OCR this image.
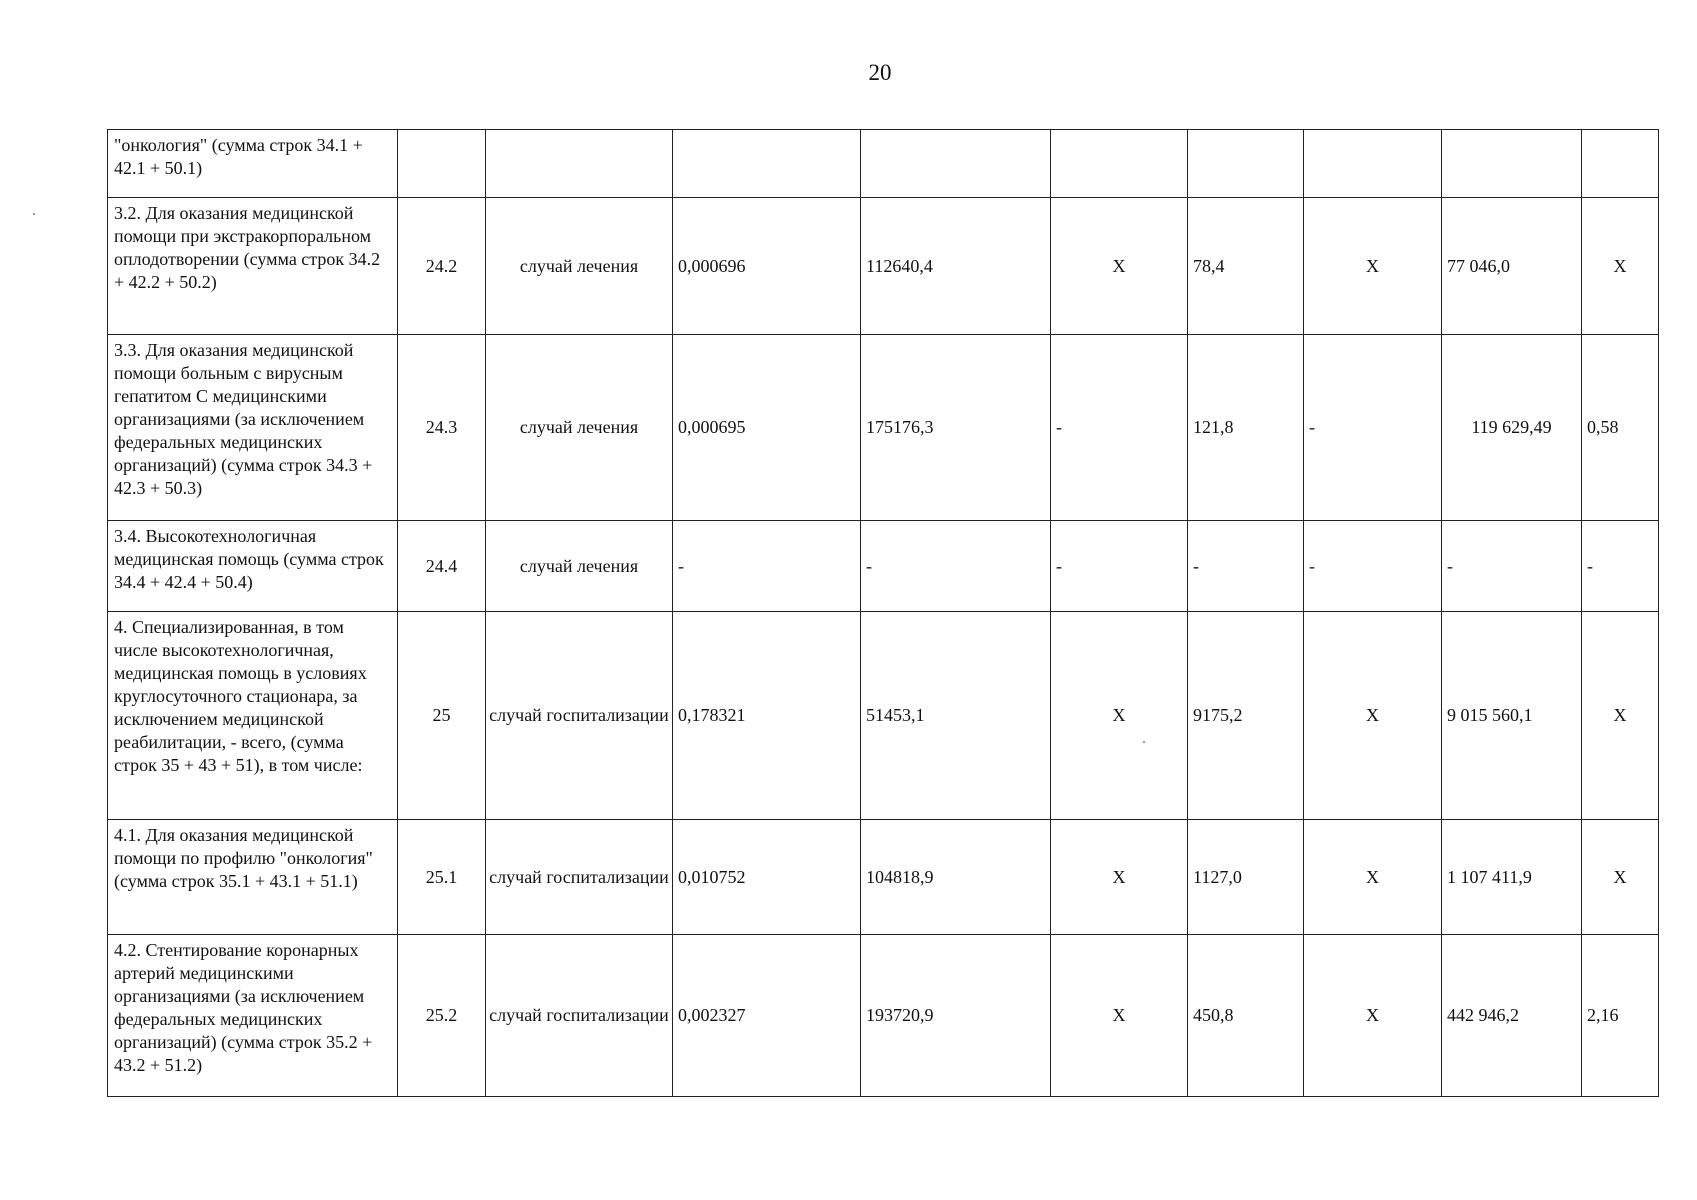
20
"онкология" (сумма строк 34.1 + 42.1 + 50.1)									
3.2. Для оказания медицинской помощи при экстракорпоральном оплодотворении (сумма строк 34.2 + 42.2 + 50.2)	24.2	случай лечения	0,000696	112640,4	Х	78,4	Х	77 046,0	Х
3.3. Для оказания медицинской помощи больным с вирусным гепатитом С медицинскими организациями (за исключением федеральных медицинских организаций) (сумма строк 34.3 + 42.3 + 50.3)	24.3	случай лечения	0,000695	175176,3	-	121,8	-	119 629,49	0,58
3.4. Высокотехнологичная медицинская помощь (сумма строк 34.4 + 42.4 + 50.4)	24.4	случай лечения	-	-	-	-	-	-	-
4. Специализированная, в том числе высокотехнологичная, медицинская помощь в условиях круглосуточного стационара, за исключением медицинской реабилитации, - всего, (сумма строк 35 + 43 + 51), в том числе:	25	случай госпитализации	0,178321	51453,1	Х	9175,2	Х	9 015 560,1	Х
4.1. Для оказания медицинской помощи по профилю "онкология" (сумма строк 35.1 + 43.1 + 51.1)	25.1	случай госпитализации	0,010752	104818,9	Х	1127,0	Х	1 107 411,9	Х
4.2. Стентирование коронарных артерий медицинскими организациями (за исключением федеральных медицинских организаций) (сумма строк 35.2 + 43.2 + 51.2)	25.2	случай госпитализации	0,002327	193720,9	Х	450,8	Х	442 946,2	2,16
